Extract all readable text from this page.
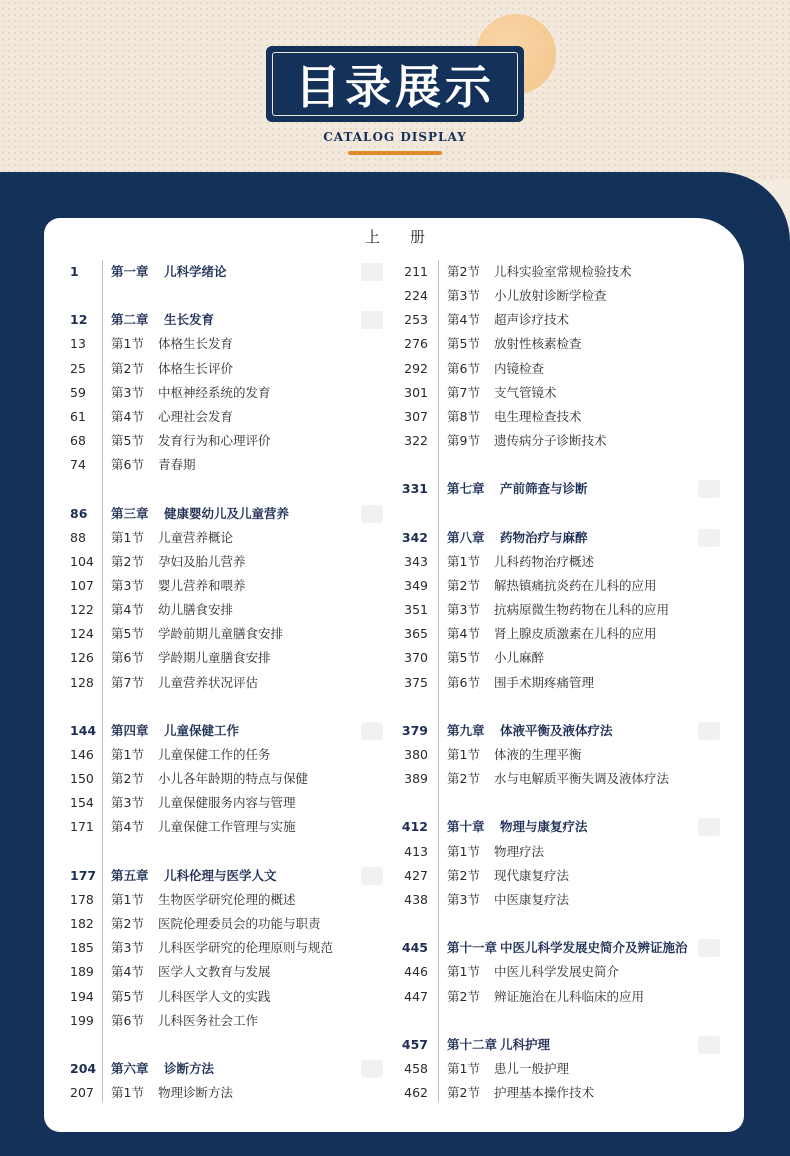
目录展示
CATALOG DISPLAY
上册
1	第一章 儿科学绪论
12	第二章 生长发育
13	第1节 体格生长发育
25	第2节 体格生长评价
59	第3节 中枢神经系统的发育
61	第4节 心理社会发育
68	第5节 发育行为和心理评价
74	第6节 青春期
86	第三章 健康婴幼儿及儿童营养
88	第1节 儿童营养概论
104	第2节 孕妇及胎儿营养
107	第3节 婴儿营养和喂养
122	第4节 幼儿膳食安排
124	第5节 学龄前期儿童膳食安排
126	第6节 学龄期儿童膳食安排
128	第7节 儿童营养状况评估
144	第四章 儿童保健工作
146	第1节 儿童保健工作的任务
150	第2节 小儿各年龄期的特点与保健
154	第3节 儿童保健服务内容与管理
171	第4节 儿童保健工作管理与实施
177	第五章 儿科伦理与医学人文
178	第1节 生物医学研究伦理的概述
182	第2节 医院伦理委员会的功能与职责
185	第3节 儿科医学研究的伦理原则与规范
189	第4节 医学人文教育与发展
194	第5节 儿科医学人文的实践
199	第6节 儿科医务社会工作
204	第六章 诊断方法
207	第1节 物理诊断方法
211 第2节 儿科实验室常规检验技术
224 第3节 小儿放射诊断学检查
253 第4节 超声诊疗技术
276 第5节 放射性核素检查
292 第6节 内镜检查
301 第7节 支气管镜术
307 第8节 电生理检查技术
322 第9节 遗传病分子诊断技术
331 第七章 产前筛查与诊断
342 第八章 药物治疗与麻醉
343 第1节 儿科药物治疗概述
349 第2节 解热镇痛抗炎药在儿科的应用
351 第3节 抗病原微生物药物在儿科的应用
365 第4节 肾上腺皮质激素在儿科的应用
370 第5节 小儿麻醉
375 第6节 围手术期疼痛管理
379 第九章 体液平衡及液体疗法
380 第1节 体液的生理平衡
389 第2节 水与电解质平衡失调及液体疗法
412 第十章 物理与康复疗法
413 第1节 物理疗法
427 第2节 现代康复疗法
438 第3节 中医康复疗法
445 第十一章 中医儿科学发展史简介及辨证施治
446 第1节 中医儿科学发展史简介
447 第2节 辨证施治在儿科临床的应用
457 第十二章 儿科护理
458 第1节 患儿一般护理
462 第2节 护理基本操作技术
